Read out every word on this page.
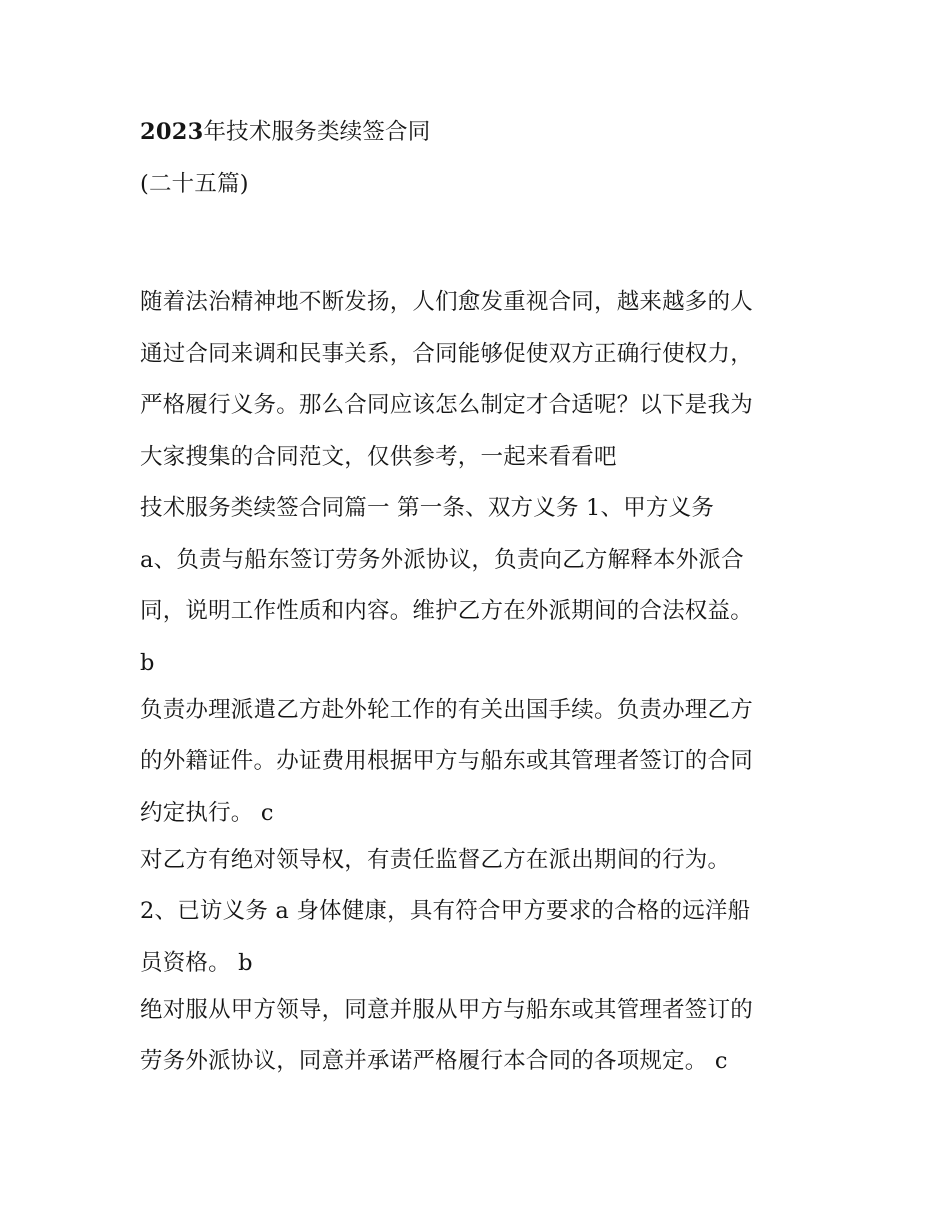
2023年技术服务类续签合同
(二十五篇)
随着法治精神地不断发扬，人们愈发重视合同，越来越多的人
通过合同来调和民事关系，合同能够促使双方正确行使权力，
严格履行义务。那么合同应该怎么制定才合适呢？以下是我为
大家搜集的合同范文，仅供参考，一起来看看吧
技术服务类续签合同篇一 第一条、双方义务 1、甲方义务
a、负责与船东签订劳务外派协议，负责向乙方解释本外派合
同，说明工作性质和内容。维护乙方在外派期间的合法权益。
b
负责办理派遣乙方赴外轮工作的有关出国手续。负责办理乙方
的外籍证件。办证费用根据甲方与船东或其管理者签订的合同
约定执行。 c
对乙方有绝对领导权，有责任监督乙方在派出期间的行为。
2、已访义务 a 身体健康，具有符合甲方要求的合格的远洋船
员资格。 b
绝对服从甲方领导，同意并服从甲方与船东或其管理者签订的
劳务外派协议，同意并承诺严格履行本合同的各项规定。 c
